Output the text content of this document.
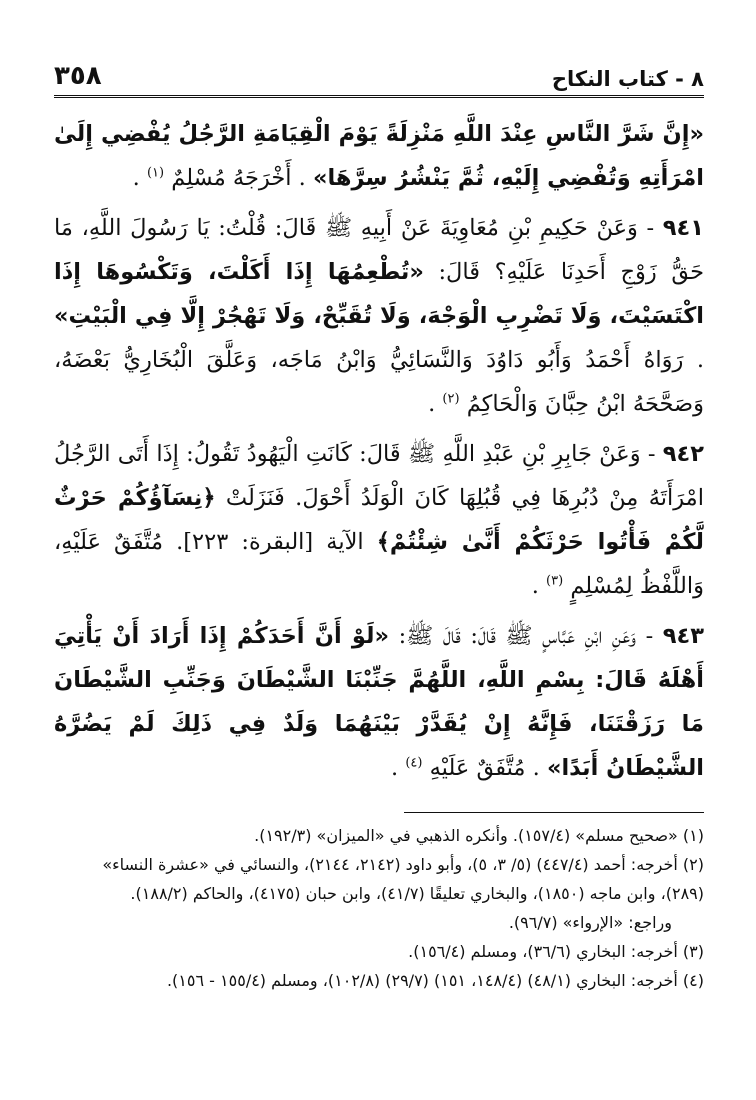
٨ - كتاب النكاح
٣٥٨

«إِنَّ شَرَّ النَّاسِ عِنْدَ اللَّهِ مَنْزِلَةً يَوْمَ الْقِيَامَةِ الرَّجُلُ يُفْضِي إِلَىٰ امْرَأَتِهِ وَتُفْضِي إِلَيْهِ، ثُمَّ يَنْشُرُ سِرَّهَا» . أَخْرَجَهُ مُسْلِمٌ $^{(١)}$ .

٩٤١ - وَعَنْ حَكِيمِ بْنِ مُعَاوِيَةَ عَنْ أَبِيهِ ﷺ قَالَ: قُلْتُ: يَا رَسُولَ اللَّهِ، مَا حَقُّ زَوْجِ أَحَدِنَا عَلَيْهِ؟ قَالَ: «تُطْعِمُهَا إِذَا أَكَلْتَ، وَتَكْسُوهَا إِذَا اكْتَسَيْتَ، وَلَا تَضْرِبِ الْوَجْهَ، وَلَا تُقَبِّحْ، وَلَا تَهْجُرْ إِلَّا فِي الْبَيْتِ» . رَوَاهُ أَحْمَدُ وَأَبُو دَاوُدَ وَالنَّسَائِيُّ وَابْنُ مَاجَه، وَعَلَّقَ الْبُخَارِيُّ بَعْضَهُ، وَصَحَّحَهُ ابْنُ حِبَّانَ وَالْحَاكِمُ $^{(٢)}$ .

٩٤٢ - وَعَنْ جَابِرِ بْنِ عَبْدِ اللَّهِ ﷺ قَالَ: كَانَتِ الْيَهُودُ تَقُولُ: إِذَا أَتَى الرَّجُلُ امْرَأَتَهُ مِنْ دُبُرِهَا فِي قُبُلِهَا كَانَ الْوَلَدُ أَحْوَلَ. فَنَزَلَتْ ﴿نِسَآؤُكُمْ حَرْثٌ لَّكُمْ فَأْتُوا حَرْثَكُمْ أَنَّىٰ شِئْتُمْ﴾ الآية [البقرة: ٢٢٣]. مُتَّفَقٌ عَلَيْهِ، وَاللَّفْظُ لِمُسْلِمٍ $^{(٣)}$ .

٩٤٣ - وَعَنِ ابْنِ عَبَّاسٍ ﷺ قَالَ: قَالَ ﷺ: «لَوْ أَنَّ أَحَدَكُمْ إِذَا أَرَادَ أَنْ يَأْتِيَ أَهْلَهُ قَالَ: بِسْمِ اللَّهِ، اللَّهُمَّ جَنِّبْنَا الشَّيْطَانَ وَجَنِّبِ الشَّيْطَانَ مَا رَزَقْتَنَا، فَإِنَّهُ إِنْ يُقَدَّرْ بَيْنَهُمَا وَلَدٌ فِي ذَلِكَ لَمْ يَضُرَّهُ الشَّيْطَانُ أَبَدًا» . مُتَّفَقٌ عَلَيْهِ $^{(٤)}$ .

(١) «صحيح مسلم» (١٥٧/٤). وأنكره الذهبي في «الميزان» (١٩٢/٣).

(٢) أخرجه: أحمد (٤٤٧/٤) (٥/ ٣، ٥)، وأبو داود (٢١٤٢، ٢١٤٤)، والنسائي في «عشرة النساء» (٢٨٩)، وابن ماجه (١٨٥٠)، والبخاري تعليقًا (٤١/٧)، وابن حبان (٤١٧٥)، والحاكم (١٨٨/٢).

وراجع: «الإرواء» (٩٦/٧).

(٣) أخرجه: البخاري (٣٦/٦)، ومسلم (١٥٦/٤).

(٤) أخرجه: البخاري (٤٨/١) (١٤٨/٤، ١٥١) (٢٩/٧) (١٠٢/٨)، ومسلم (١٥٥/٤ - ١٥٦).
